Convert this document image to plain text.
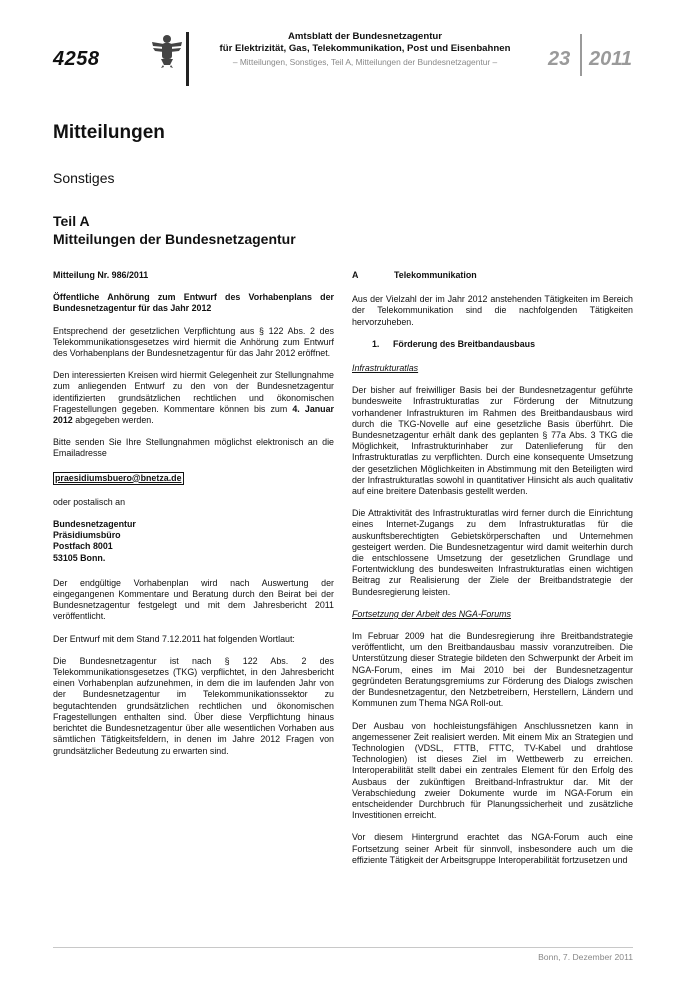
4258
Amtsblatt der Bundesnetzagentur
für Elektrizität, Gas, Telekommunikation, Post und Eisenbahnen
– Mitteilungen, Sonstiges, Teil A, Mitteilungen der Bundesnetzagentur –	23 2011
Mitteilungen
Sonstiges
Teil A
Mitteilungen der Bundesnetzagentur

Mitteilung Nr. 986/2011

Öffentliche Anhörung zum Entwurf des Vorhabenplans der Bundesnetzagentur für das Jahr 2012

Entsprechend der gesetzlichen Verpflichtung aus § 122 Abs. 2 des Telekommunikationsgesetzes wird hiermit die Anhörung zum Entwurf des Vorhabenplans der Bundesnetzagentur für das Jahr 2012 eröffnet.

Den interessierten Kreisen wird hiermit Gelegenheit zur Stellungnahme zum anliegenden Entwurf zu den von der Bundesnetzagentur identifizierten grundsätzlichen rechtlichen und ökonomischen Fragestellungen gegeben. Kommentare können bis zum 4. Januar 2012 abgegeben werden.

Bitte senden Sie Ihre Stellungnahmen möglichst elektronisch an die Emailadresse

praesidiumsbuero@bnetza.de

oder postalisch an

Bundesnetzagentur
Präsidiumsbüro
Postfach 8001
53105 Bonn.

Der endgültige Vorhabenplan wird nach Auswertung der eingegangenen Kommentare und Beratung durch den Beirat bei der Bundesnetzagentur festgelegt und mit dem Jahresbericht 2011 veröffentlicht.

Der Entwurf mit dem Stand 7.12.2011 hat folgenden Wortlaut:

Die Bundesnetzagentur ist nach § 122 Abs. 2 des Telekommunikationsgesetzes (TKG) verpflichtet, in den Jahresbericht einen Vorhabenplan aufzunehmen, in dem die im laufenden Jahr von der Bundesnetzagentur im Telekommunikationssektor zu begutachtenden grundsätzlichen rechtlichen und ökonomischen Fragestellungen enthalten sind. Über diese Verpflichtung hinaus berichtet die Bundesnetzagentur über alle wesentlichen Vorhaben aus sämtlichen Tätigkeitsfeldern, in denen im Jahre 2012 Fragen von grundsätzlicher Bedeutung zu erwarten sind.

A	Telekommunikation

Aus der Vielzahl der im Jahr 2012 anstehenden Tätigkeiten im Bereich der Telekommunikation sind die nachfolgenden Tätigkeiten hervorzuheben.

1.	Förderung des Breitbandausbaus

Infrastrukturatlas

Der bisher auf freiwilliger Basis bei der Bundesnetzagentur geführte bundesweite Infrastrukturatlas zur Förderung der Mitnutzung vorhandener Infrastrukturen im Rahmen des Breitbandausbaus wird durch die TKG-Novelle auf eine gesetzliche Basis überführt. Die Bundesnetzagentur erhält dank des geplanten § 77a Abs. 3 TKG die Möglichkeit, Infrastrukturinhaber zur Datenlieferung für den Infrastrukturatlas zu verpflichten. Durch eine konsequente Umsetzung der gesetzlichen Möglichkeiten in Abstimmung mit den Beteiligten wird der Infrastrukturatlas sowohl in quantitativer Hinsicht als auch qualitativ auf eine breitere Datenbasis gestellt werden.

Die Attraktivität des Infrastrukturatlas wird ferner durch die Einrichtung eines Internet-Zugangs zu dem Infrastrukturatlas für die auskunftsberechtigten Gebietskörperschaften und Unternehmen gesteigert werden. Die Bundesnetzagentur wird damit weiterhin durch die entschlossene Umsetzung der gesetzlichen Grundlage und Fortentwicklung des bundesweiten Infrastrukturatlas einen wichtigen Beitrag zur Realisierung der Ziele der Breitbandstrategie der Bundesregierung leisten.

Fortsetzung der Arbeit des NGA-Forums

Im Februar 2009 hat die Bundesregierung ihre Breitbandstrategie veröffentlicht, um den Breitbandausbau massiv voranzutreiben. Die Unterstützung dieser Strategie bildeten den Schwerpunkt der Arbeit im NGA-Forum, eines im Mai 2010 bei der Bundesnetzagentur gegründeten Beratungsgremiums zur Förderung des Dialogs zwischen der Bundesnetzagentur, den Netzbetreibern, Herstellern, Ländern und Kommunen zum Thema NGA Roll-out.

Der Ausbau von hochleistungsfähigen Anschlussnetzen kann in angemessener Zeit realisiert werden. Mit einem Mix an Strategien und Technologien (VDSL, FTTB, FTTC, TV-Kabel und drahtlose Technologien) ist dieses Ziel im Wettbewerb zu erreichen. Interoperabilität stellt dabei ein zentrales Element für den Erfolg des Ausbaus der zukünftigen Breitband-Infrastruktur dar. Mit der Verabschiedung zweier Dokumente wurde im NGA-Forum ein entscheidender Durchbruch für Planungssicherheit und zusätzliche Investitionen erreicht.

Vor diesem Hintergrund erachtet das NGA-Forum auch eine Fortsetzung seiner Arbeit für sinnvoll, insbesondere auch um die effiziente Tätigkeit der Arbeitsgruppe Interoperabilität fortzusetzen und

Bonn, 7. Dezember 2011
